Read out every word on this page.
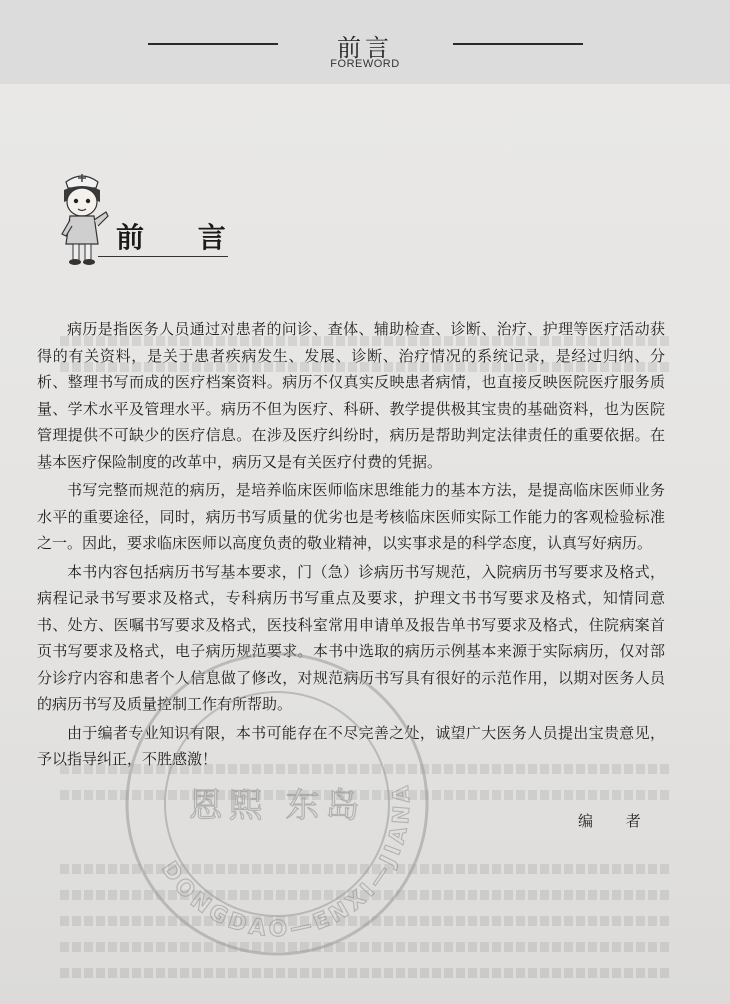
前言
FOREWORD
前 言

病历是指医务人员通过对患者的问诊、查体、辅助检查、诊断、治疗、护理等医疗活动获得的有关资料，是关于患者疾病发生、发展、诊断、治疗情况的系统记录，是经过归纳、分析、整理书写而成的医疗档案资料。病历不仅真实反映患者病情，也直接反映医院医疗服务质量、学术水平及管理水平。病历不但为医疗、科研、教学提供极其宝贵的基础资料，也为医院管理提供不可缺少的医疗信息。在涉及医疗纠纷时，病历是帮助判定法律责任的重要依据。在基本医疗保险制度的改革中，病历又是有关医疗付费的凭据。

书写完整而规范的病历，是培养临床医师临床思维能力的基本方法，是提高临床医师业务水平的重要途径，同时，病历书写质量的优劣也是考核临床医师实际工作能力的客观检验标准之一。因此，要求临床医师以高度负责的敬业精神，以实事求是的科学态度，认真写好病历。

本书内容包括病历书写基本要求，门（急）诊病历书写规范，入院病历书写要求及格式，病程记录书写要求及格式，专科病历书写重点及要求，护理文书书写要求及格式，知情同意书、处方、医嘱书写要求及格式，医技科室常用申请单及报告单书写要求及格式，住院病案首页书写要求及格式，电子病历规范要求。本书中选取的病历示例基本来源于实际病历，仅对部分诊疗内容和患者个人信息做了修改，对规范病历书写具有很好的示范作用，以期对医务人员的病历书写及质量控制工作有所帮助。

由于编者专业知识有限，本书可能存在不尽完善之处，诚望广大医务人员提出宝贵意见，予以指导纠正，不胜感激！

编 者
DONGDAO—ENXI—JIANA
恩熙 东岛
